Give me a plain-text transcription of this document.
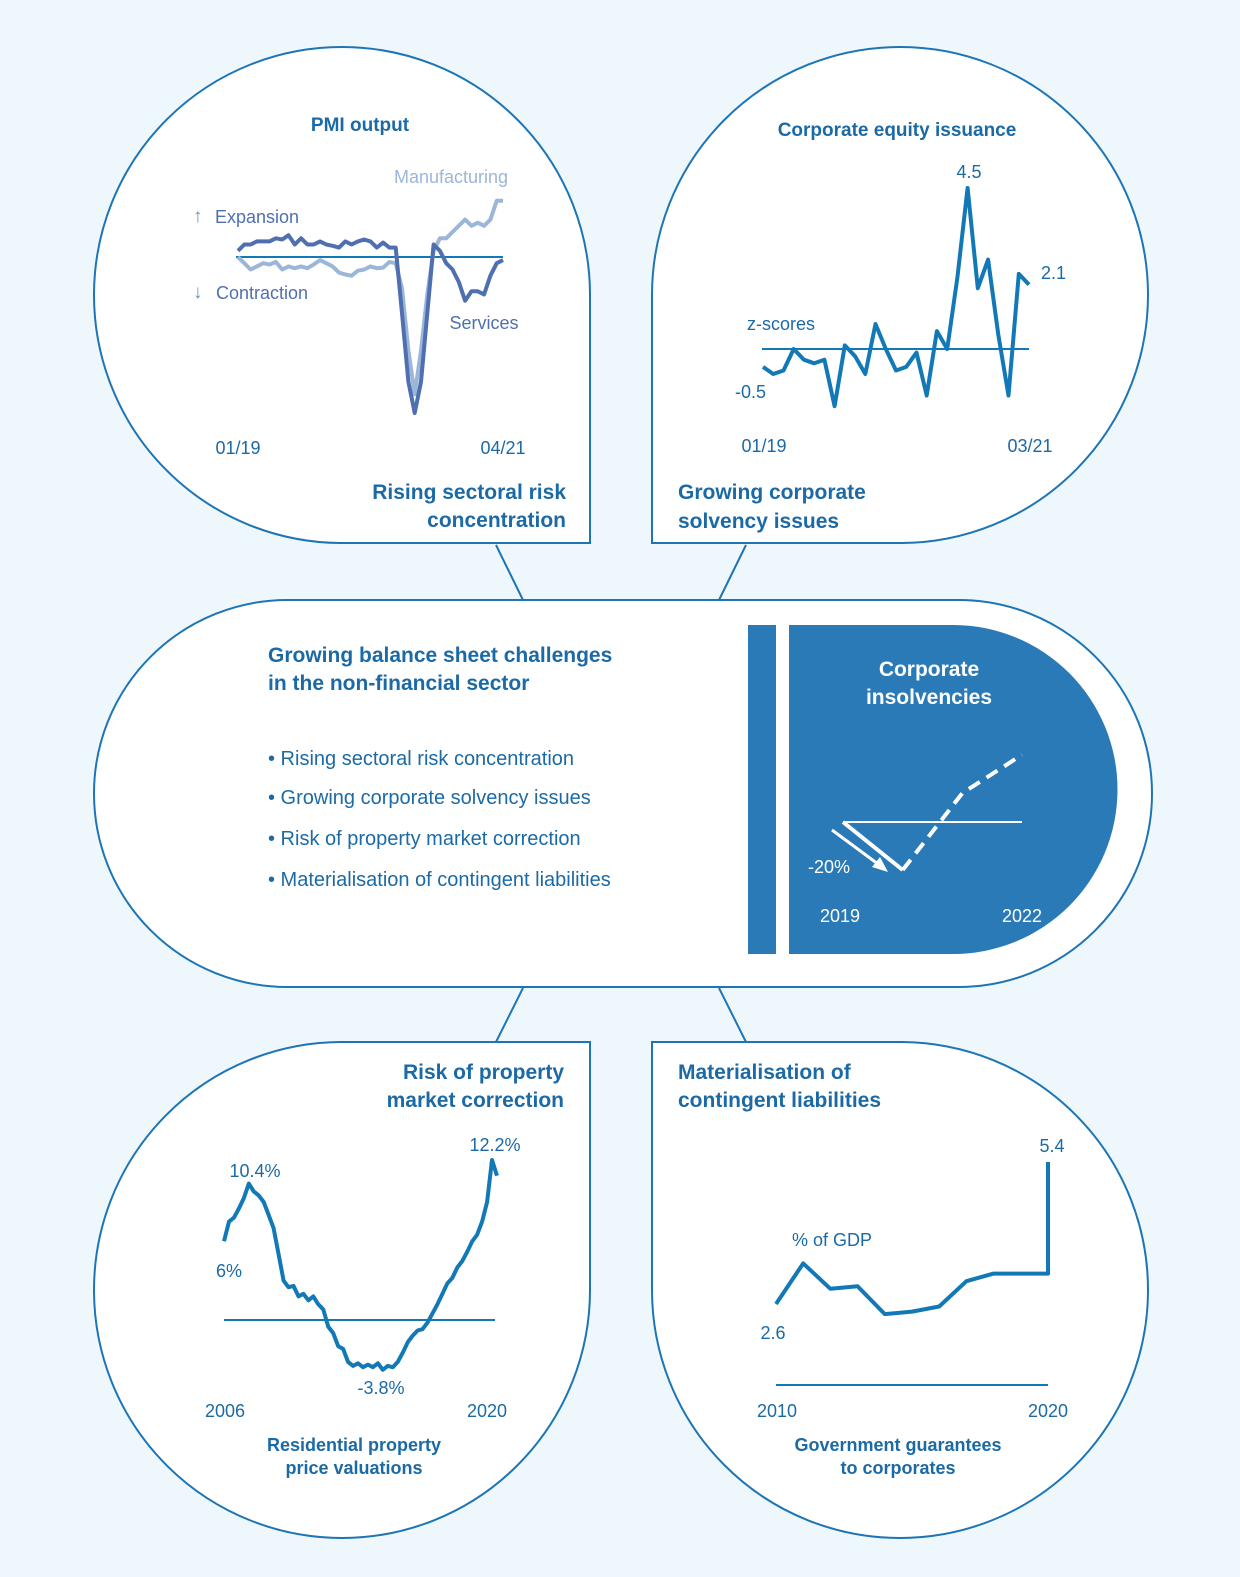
PMI output
Manufacturing
↑ Expansion
↓ Contraction
Services
01/19	04/21
Rising sectoral risk
concentration
Corporate equity issuance
4.5
2.1
z-scores
-0.5
01/19	03/21
Growing corporate
solvency issues
Growing balance sheet challenges
in the non-financial sector
• Rising sectoral risk concentration
• Growing corporate solvency issues
• Risk of property market correction
• Materialisation of contingent liabilities
Corporate
insolvencies
-20%
2019	2022
Risk of property
market correction
12.2%
10.4%
6%
-3.8%
2006	2020
Residential property
price valuations
Materialisation of
contingent liabilities
5.4
% of GDP
2.6
2010	2020
Government guarantees
to corporates
